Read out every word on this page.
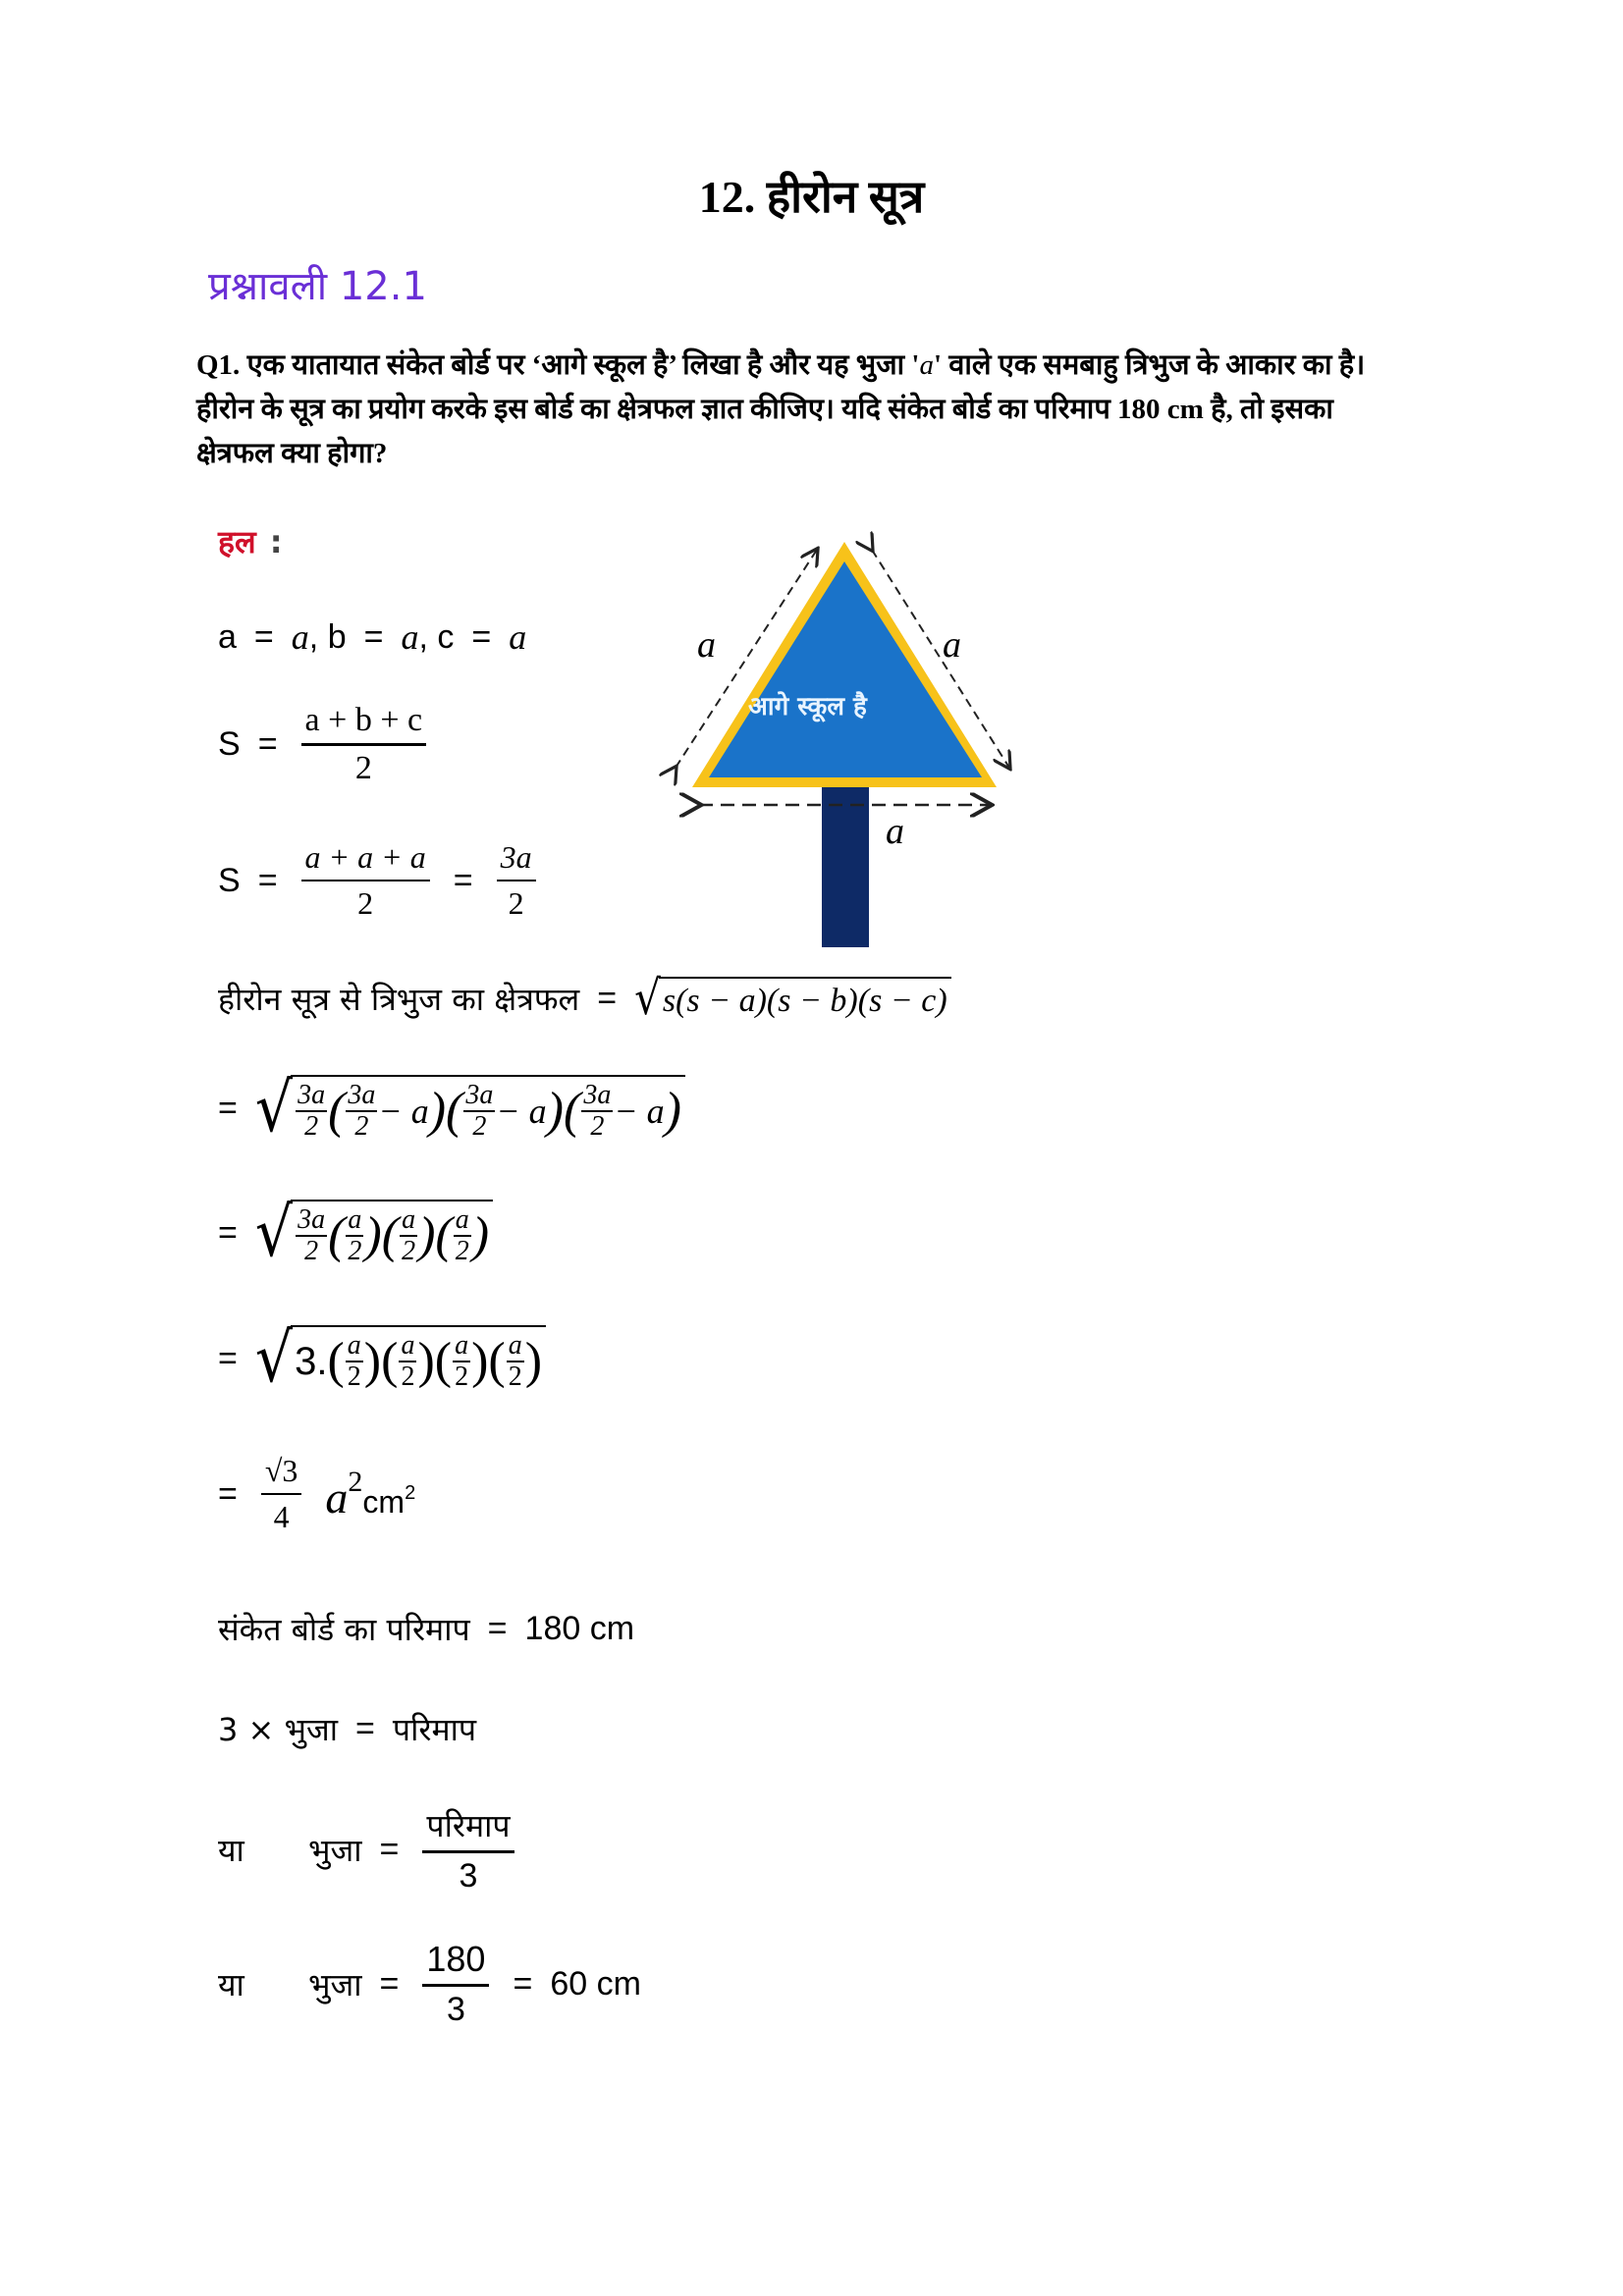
12. हीरोन सूत्र
प्रश्नावली 12.1
Q1. एक यातायात संकेत बोर्ड पर ‘आगे स्कूल है’ लिखा है और यह भुजा 'a' वाले एक समबाहु त्रिभुज के आकार का है। हीरोन के सूत्र का प्रयोग करके इस बोर्ड का क्षेत्रफल ज्ञात कीजिए। यदि संकेत बोर्ड का परिमाप 180 cm है, तो इसका क्षेत्रफल क्या होगा?
हल :
a = a , b = a , c = a
$S = \frac{a + b + c}{2}$
$S = \frac{a + a + a}{2} = \frac{3a}{2}$
हीरोन सूत्र से त्रिभुज का क्षेत्रफल = √ s(s − a)(s − b)(s − c)
= √ $\frac{3a}{2}$ ( $\frac{3a}{2} - a$ ) ( $\frac{3a}{2} - a$ ) ( $\frac{3a}{2} - a$ )
= √ $\frac{3a}{2}$ ( $\frac{a}{2}$ ) ( $\frac{a}{2}$ ) ( $\frac{a}{2}$ )
= √ 3. ( $\frac{a}{2}$ ) ( $\frac{a}{2}$ ) ( $\frac{a}{2}$ ) ( $\frac{a}{2}$ )
= $\frac{√3}{4} a^2cm^2$
संकेत बोर्ड का परिमाप = 180 cm
3 × भुजा = परिमाप
या	भुजा = $\frac{\text{परिमाप}}{3}$
या	भुजा = $\frac{180}{3} = 60$ cm
a	a
a
आगे स्कूल है
